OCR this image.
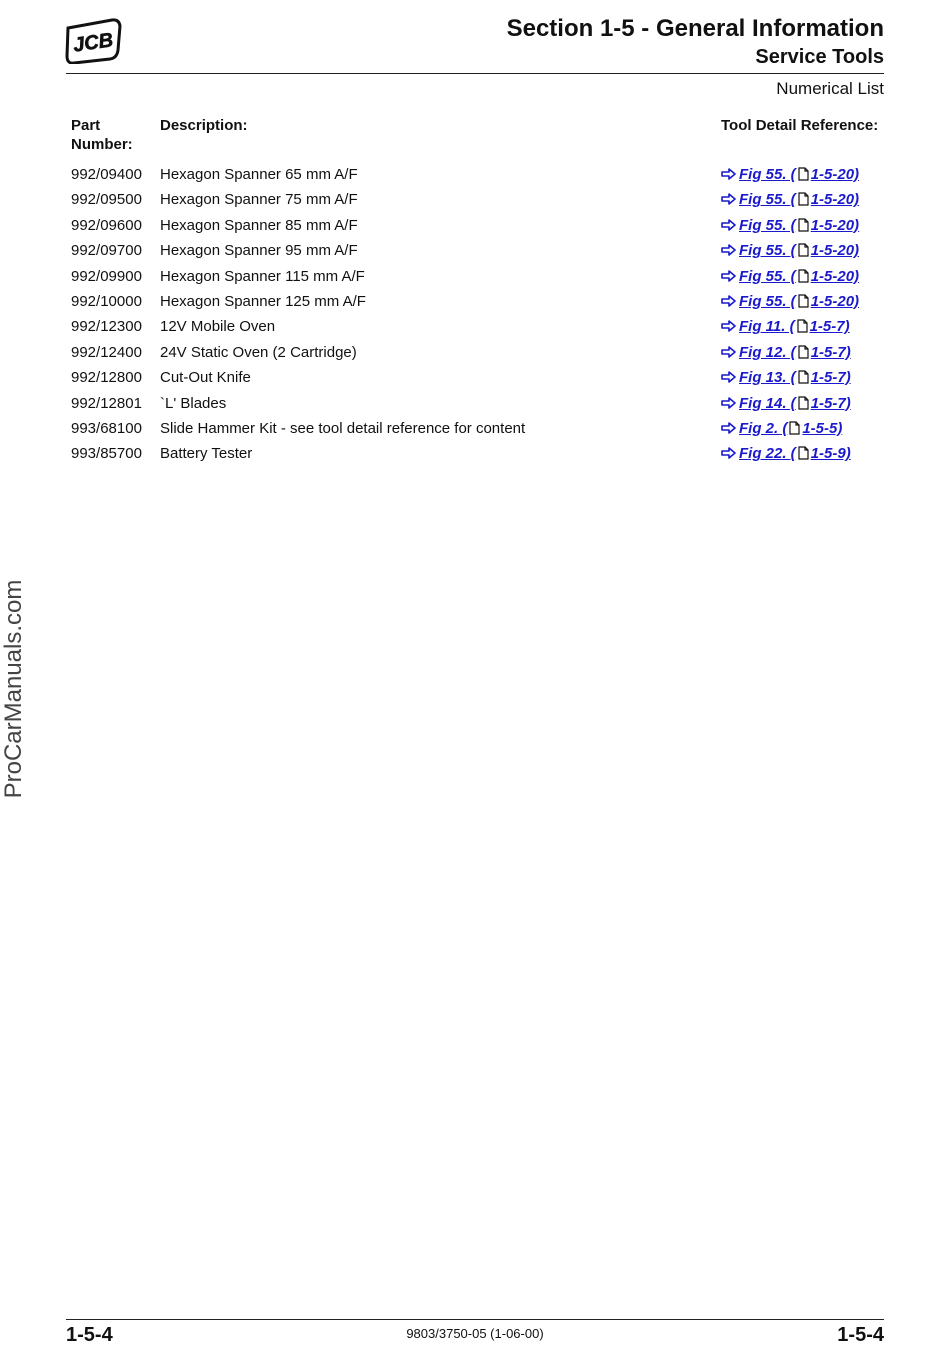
JCB
Section 1-5 - General Information
Service Tools
Numerical List
Part
Number:
Description:	Tool Detail Reference:
992/09400	Hexagon Spanner 65 mm A/F	Fig 55. ( 1-5-20)
992/09500	Hexagon Spanner 75 mm A/F	Fig 55. ( 1-5-20)
992/09600	Hexagon Spanner 85 mm A/F	Fig 55. ( 1-5-20)
992/09700	Hexagon Spanner 95 mm A/F	Fig 55. ( 1-5-20)
992/09900	Hexagon Spanner 115 mm A/F	Fig 55. ( 1-5-20)
992/10000	Hexagon Spanner 125 mm A/F	Fig 55. ( 1-5-20)
992/12300	12V Mobile Oven	Fig 11. ( 1-5-7)
992/12400	24V Static Oven (2 Cartridge)	Fig 12. ( 1-5-7)
992/12800	Cut-Out Knife	Fig 13. ( 1-5-7)
992/12801	`L' Blades	Fig 14. ( 1-5-7)
993/68100	Slide Hammer Kit - see tool detail reference for content	Fig 2. ( 1-5-5)
993/85700	Battery Tester	Fig 22. ( 1-5-9)
ProCarManuals.com
1-5-4	9803/3750-05 (1-06-00)	1-5-4
